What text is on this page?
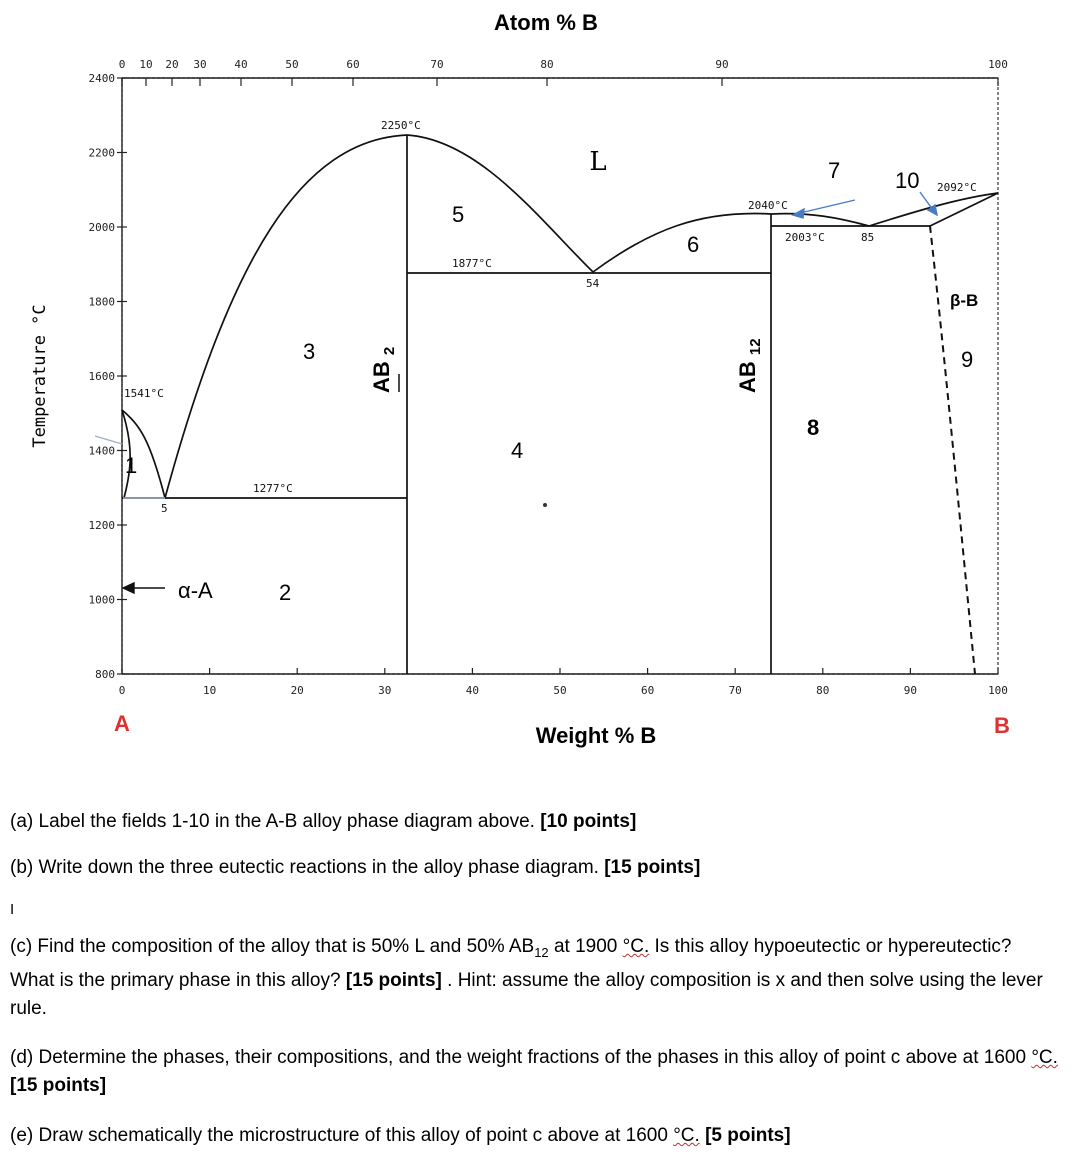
2400
2200
2000
1800
1600
1400
1200
1000
800
0	10	20	30	40	50	60	70	80	90	100
0 10 20 30	40	50	60	70	80	90	100
Atom % B
Weight % B
Temperature °C
A	B
1541°C
1277°C
2250°C
1877°C
2040°C
2003°C	85
2092°C
54
5
L
α-A
β-B
AB $_2$
AB $_{12}$
1
2
3
4
5
6
7
8
9
10

(a) Label the fields 1-10 in the A-B alloy phase diagram above. [10 points]

(b) Write down the three eutectic reactions in the alloy phase diagram. [15 points]

I

(c) Find the composition of the alloy that is 50% L and 50% $AB_{12}$ at 1900 °C. Is this alloy hypoeutectic or hypereutectic? What is the primary phase in this alloy? [15 points] . Hint: assume the alloy composition is x and then solve using the lever rule.

(d) Determine the phases, their compositions, and the weight fractions of the phases in this alloy of point c above at 1600 °C. [15 points]

(e) Draw schematically the microstructure of this alloy of point c above at 1600 °C. [5 points]
